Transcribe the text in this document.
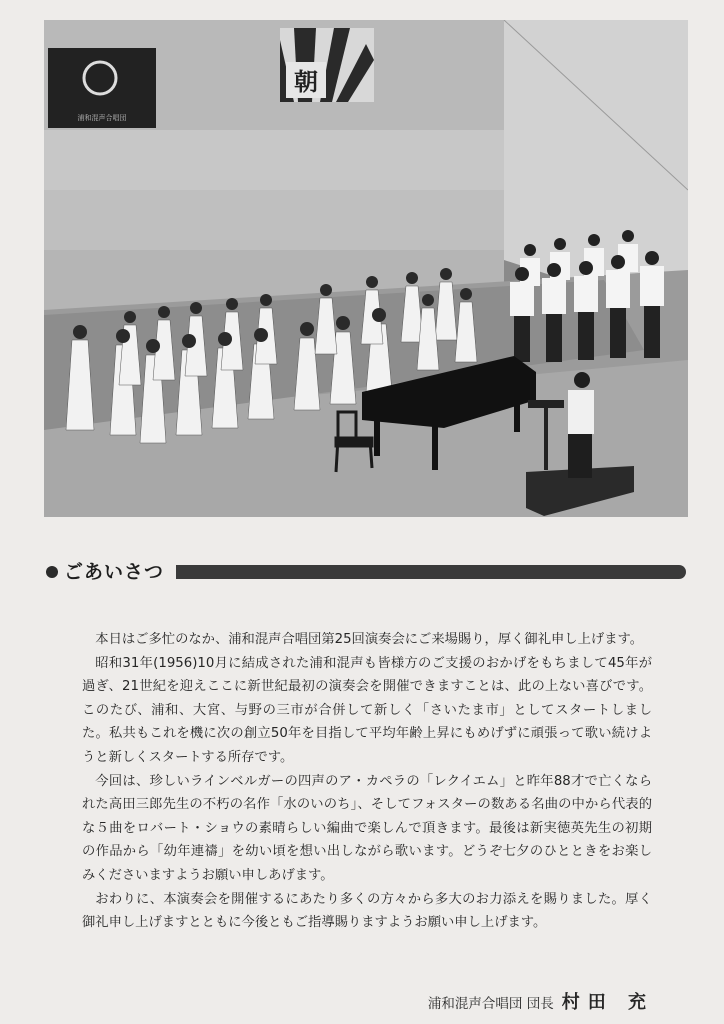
浦和混声合唱団
朝
ごあいさつ

本日はご多忙のなか、浦和混声合唱団第25回演奏会にご来場賜り，厚く御礼申し上げます。

昭和31年(1956)10月に結成された浦和混声も皆様方のご支援のおかげをもちまして45年が過ぎ、21世紀を迎えここに新世紀最初の演奏会を開催できますことは、此の上ない喜びです。このたび、浦和、大宮、与野の三市が合併して新しく「さいたま市」としてスタートしました。私共もこれを機に次の創立50年を目指して平均年齢上昇にもめげずに頑張って歌い続けようと新しくスタートする所存です。

今回は、珍しいラインベルガーの四声のア・カペラの「レクイエム」と昨年88才で亡くなられた高田三郎先生の不朽の名作「水のいのち」、そしてフォスターの数ある名曲の中から代表的な５曲をロバート・ショウの素晴らしい編曲で楽しんで頂きます。最後は新実徳英先生の初期の作品から「幼年連禱」を幼い頃を想い出しながら歌います。どうぞ七夕のひとときをお楽しみくださいますようお願い申しあげます。

おわりに、本演奏会を開催するにあたり多くの方々から多大のお力添えを賜りました。厚く御礼申し上げますとともに今後ともご指導賜りますようお願い申し上げます。

浦和混声合唱団 団長 村田 充
